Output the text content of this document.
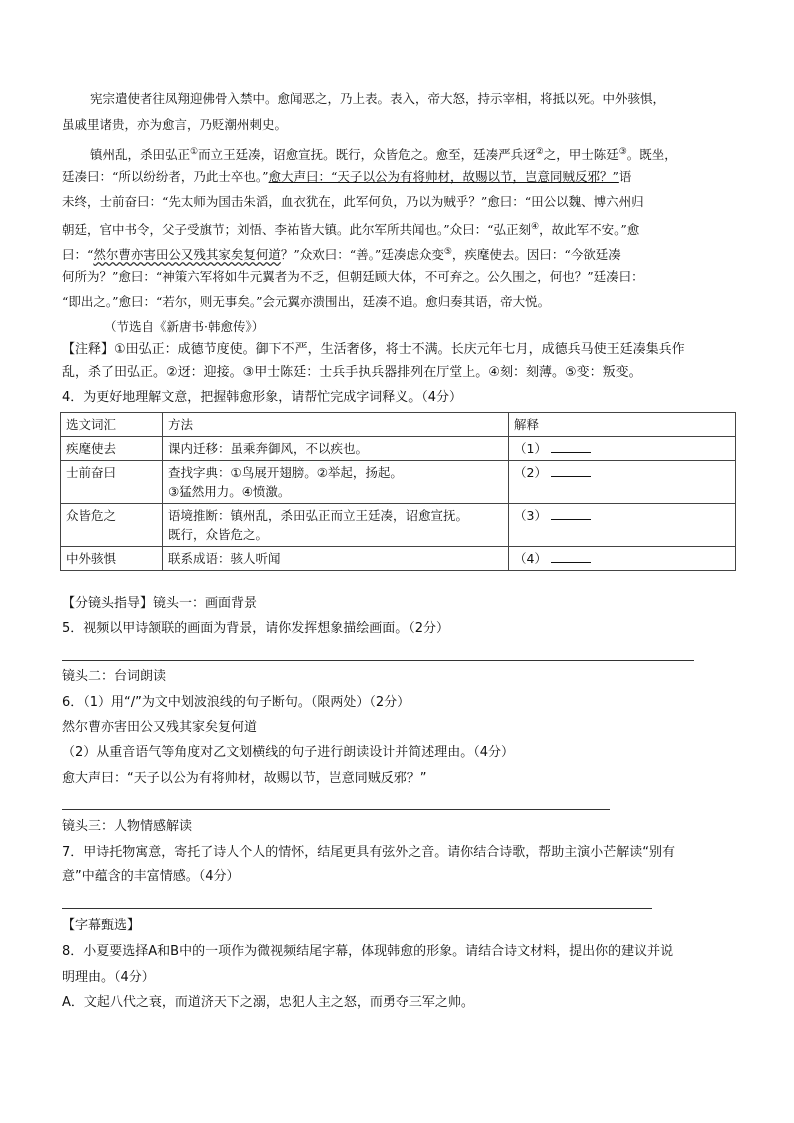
宪宗遣使者往凤翔迎佛骨入禁中。愈闻恶之，乃上表。表入，帝大怒，持示宰相，将抵以死。中外骇惧，
虽戚里诸贵，亦为愈言，乃贬潮州刺史。
镇州乱，杀田弘正①而立王廷凑，诏愈宣抚。既行，众皆危之。愈至，廷凑严兵迓②之，甲士陈廷③。既坐，
廷凑曰：“所以纷纷者，乃此士卒也。”愈大声曰：“天子以公为有将帅材，故赐以节，岂意同贼反邪？”语
未终，士前奋曰：“先太师为国击朱滔，血衣犹在，此军何负，乃以为贼乎？”愈曰：“田公以魏、博六州归
朝廷，官中书令，父子受旗节；刘悟、李祐皆大镇。此尔军所共闻也。”众曰：“弘正刻④，故此军不安。”愈
曰：“然尔曹亦害田公又残其家矣复何道？”众欢曰：“善。”廷凑虑众变⑤，疾麾使去。因曰：“今欲廷凑
何所为？”愈曰：“神策六军将如牛元翼者为不乏，但朝廷顾大体，不可弃之。公久围之，何也？”廷凑曰：
“即出之。”愈曰：“若尔，则无事矣。”会元翼亦溃围出，廷凑不追。愈归奏其语，帝大悦。
（节选自《新唐书·韩愈传》）
【注释】①田弘正：成德节度使。御下不严，生活奢侈，将士不满。长庆元年七月，成德兵马使王廷凑集兵作
乱，杀了田弘正。②迓：迎接。③甲士陈廷：士兵手执兵器排列在厅堂上。④刻：刻薄。⑤变：叛变。
4．为更好地理解文意，把握韩愈形象，请帮忙完成字词释义。（4分）
选文词汇	方法	解释
疾麾使去	课内迁移：虽乘奔御风，不以疾也。	（1）
士前奋曰	查找字典：①鸟展开翅膀。②举起，扬起。
③猛然用力。④愤激。	（2）
众皆危之	语境推断：镇州乱，杀田弘正而立王廷凑，诏愈宣抚。
既行，众皆危之。	（3）
中外骇惧	联系成语：骇人听闻	（4）
【分镜头指导】镜头一：画面背景
5．视频以甲诗颔联的画面为背景，请你发挥想象描绘画面。（2分）
镜头二：台词朗读
6．（1）用“/”为文中划波浪线的句子断句。（限两处）（2分）
然尔曹亦害田公又残其家矣复何道
（2）从重音语气等角度对乙文划横线的句子进行朗读设计并简述理由。（4分）
愈大声曰：“天子以公为有将帅材，故赐以节，岂意同贼反邪？”
镜头三：人物情感解读
7．甲诗托物寓意，寄托了诗人个人的情怀，结尾更具有弦外之音。请你结合诗歌，帮助主演小芒解读“别有
意”中蕴含的丰富情感。（4分）
【字幕甄选】
8．小夏要选择A和B中的一项作为微视频结尾字幕，体现韩愈的形象。请结合诗文材料，提出你的建议并说
明理由。（4分）
A．文起八代之衰，而道济天下之溺，忠犯人主之怒，而勇夺三军之帅。
